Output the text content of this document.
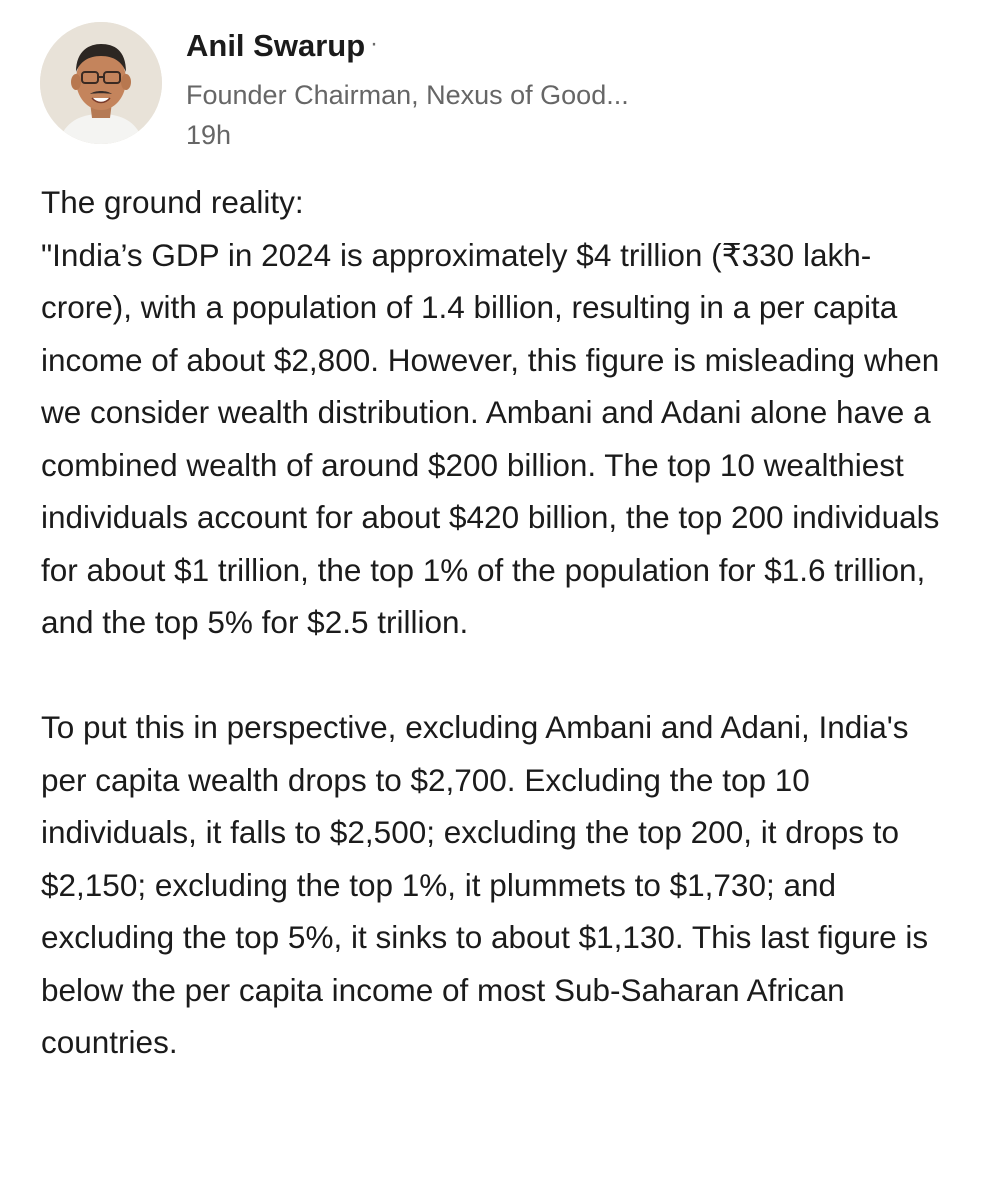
Anil Swarup ·
Founder Chairman, Nexus of Good...
19h

The ground reality:

"India’s GDP in 2024 is approximately $4 trillion (₹330 lakh-crore), with a population of 1.4 billion, resulting in a per capita income of about $2,800. However, this figure is misleading when we consider wealth distribution. Ambani and Adani alone have a combined wealth of around $200 billion. The top 10 wealthiest individuals account for about $420 billion, the top 200 individuals for about $1 trillion, the top 1% of the population for $1.6 trillion, and the top 5% for $2.5 trillion.

To put this in perspective, excluding Ambani and Adani, India's per capita wealth drops to $2,700. Excluding the top 10 individuals, it falls to $2,500; excluding the top 200, it drops to $2,150; excluding the top 1%, it plummets to $1,730; and excluding the top 5%, it sinks to about $1,130. This last figure is below the per capita income of most Sub-Saharan African countries.
